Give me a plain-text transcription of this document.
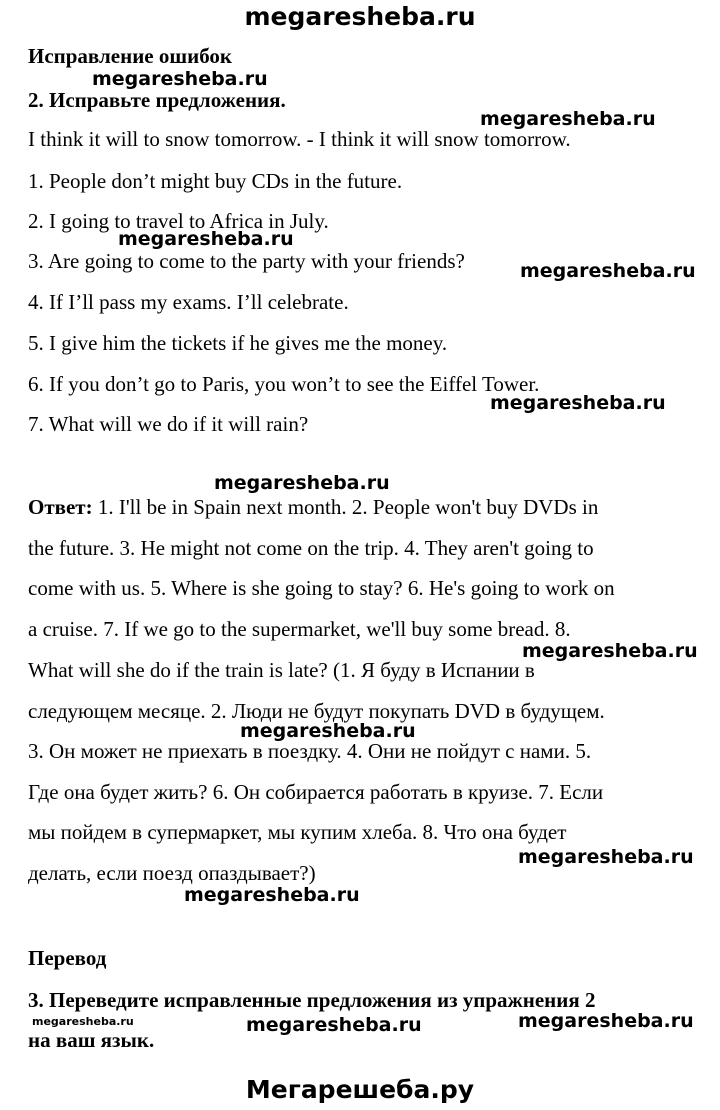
megaresheba.ru
Исправление ошибок
2. Исправьте предложения.
I think it will to snow tomorrow. - I think it will snow tomorrow.
1. People don’t might buy CDs in the future.
2. I going to travel to Africa in July.
3. Are going to come to the party with your friends?
4. If I’ll pass my exams. I’ll celebrate.
5. I give him the tickets if he gives me the money.
6. If you don’t go to Paris, you won’t to see the Eiffel Tower.
7. What will we do if it will rain?
Ответ: 1. I'll be in Spain next month. 2. People won't buy DVDs in
the future. 3. He might not come on the trip. 4. They aren't going to
come with us. 5. Where is she going to stay? 6. He's going to work on
a cruise. 7. If we go to the supermarket, we'll buy some bread. 8.
What will she do if the train is late? (1. Я буду в Испании в
следующем месяце. 2. Люди не будут покупать DVD в будущем.
3. Он может не приехать в поездку. 4. Они не пойдут с нами. 5.
Где она будет жить? 6. Он собирается работать в круизе. 7. Если
мы пойдем в супермаркет, мы купим хлеба. 8. Что она будет
делать, если поезд опаздывает?)
Перевод
3. Переведите исправленные предложения из упражнения 2
на ваш язык.
megaresheba.ru
megaresheba.ru
megaresheba.ru
megaresheba.ru
megaresheba.ru
megaresheba.ru
megaresheba.ru
megaresheba.ru
megaresheba.ru
megaresheba.ru
megaresheba.ru	megaresheba.ru	megaresheba.ru
Мегарешеба.ру
